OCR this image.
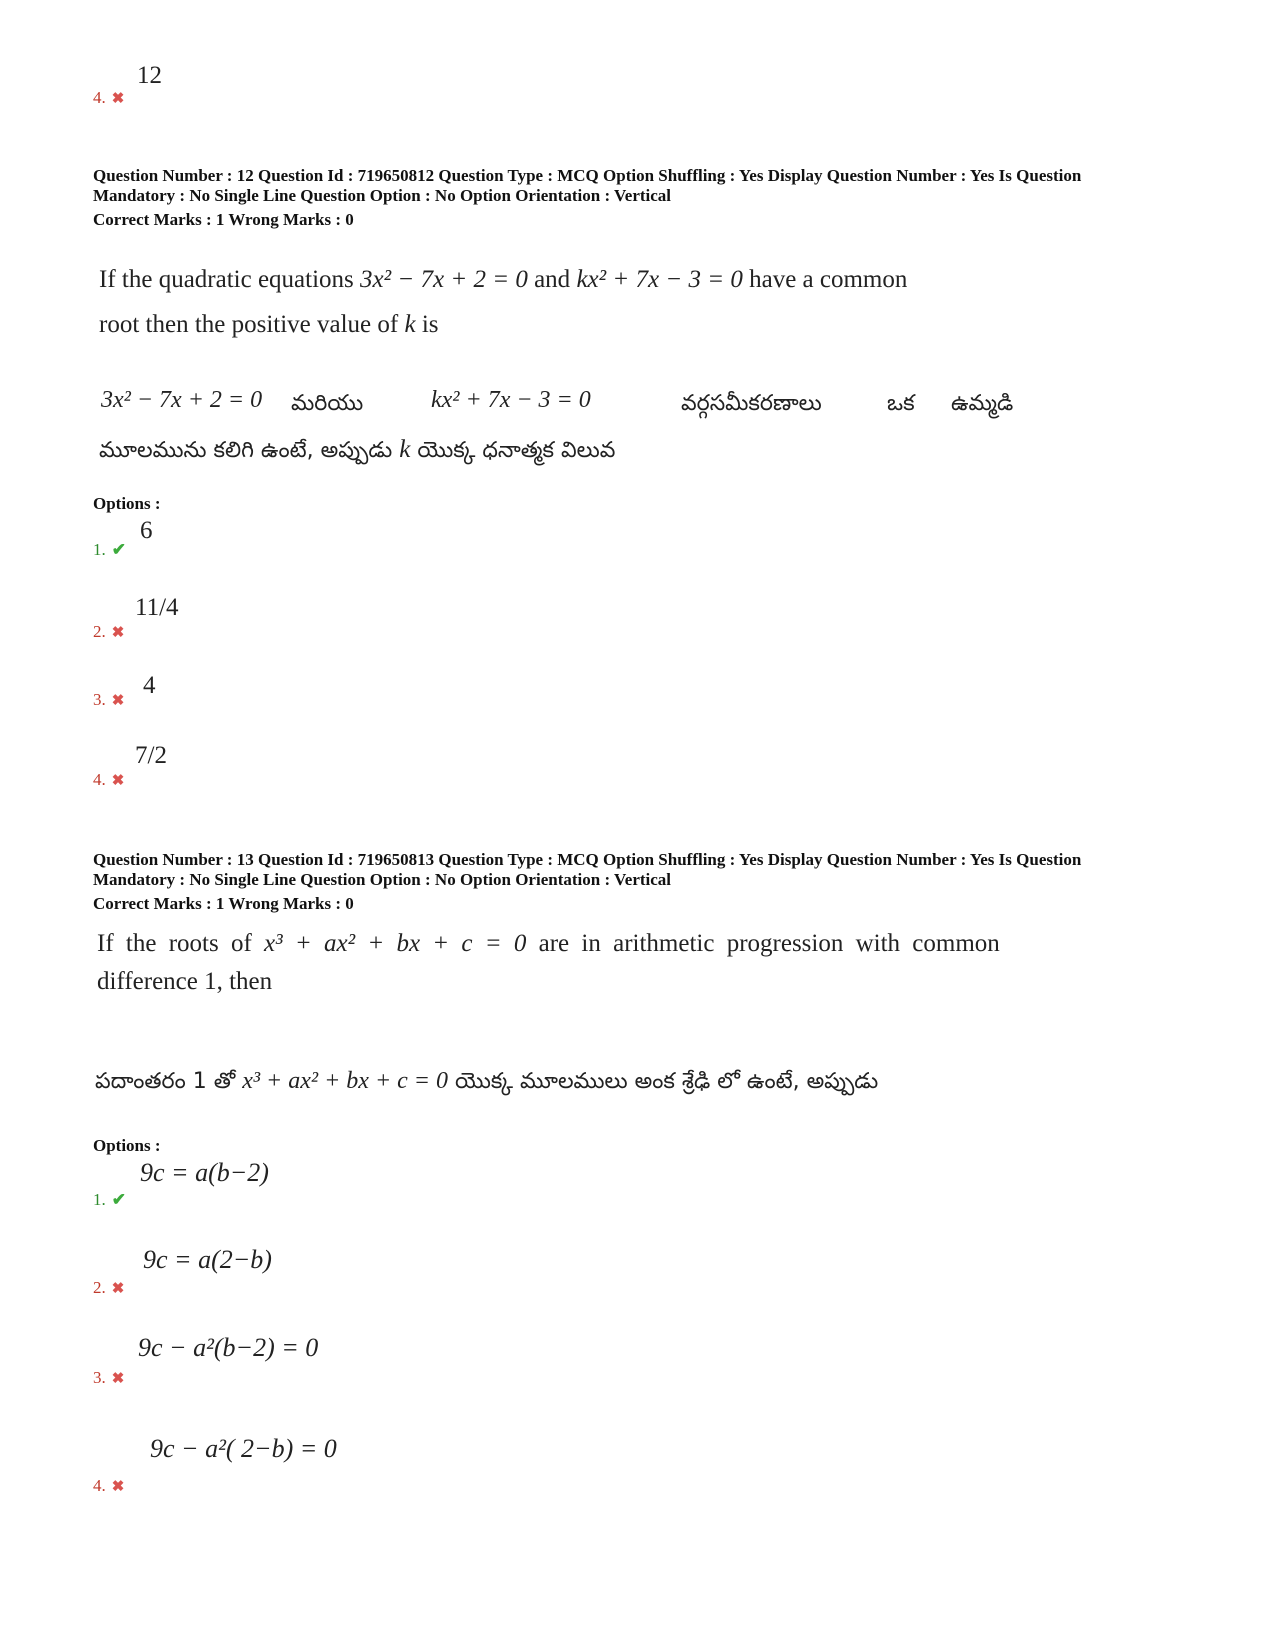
4. ✖
12
Question Number : 12 Question Id : 719650812 Question Type : MCQ Option Shuffling : Yes Display Question Number : Yes Is Question
Mandatory : No Single Line Question Option : No Option Orientation : Vertical
Correct Marks : 1 Wrong Marks : 0
If the quadratic equations 3x² − 7x + 2 = 0 and kx² + 7x − 3 = 0 have a common
root then the positive value of k is
3x² − 7x + 2 = 0 మరియు	kx² + 7x − 3 = 0	వర్గసమీకరణాలు	ఒక ఉమ్మడి
మూలమును కలిగి ఉంటే, అప్పుడు k యొక్క ధనాత్మక విలువ
Options :
1. ✔
6
2. ✖
11/4
3. ✖
4
4. ✖
7/2
Question Number : 13 Question Id : 719650813 Question Type : MCQ Option Shuffling : Yes Display Question Number : Yes Is Question
Mandatory : No Single Line Question Option : No Option Orientation : Vertical
Correct Marks : 1 Wrong Marks : 0
If the roots of x³ + ax² + bx + c = 0 are in arithmetic progression with common
difference 1, then
పదాంతరం 1 తో x³ + ax² + bx + c = 0 యొక్క మూలములు అంక శ్రేఢి లో ఉంటే, అప్పుడు
Options :
1. ✔
9c = a(b−2)
2. ✖
9c = a(2−b)
3. ✖
9c − a²(b−2) = 0
4. ✖
9c − a²( 2−b) = 0
